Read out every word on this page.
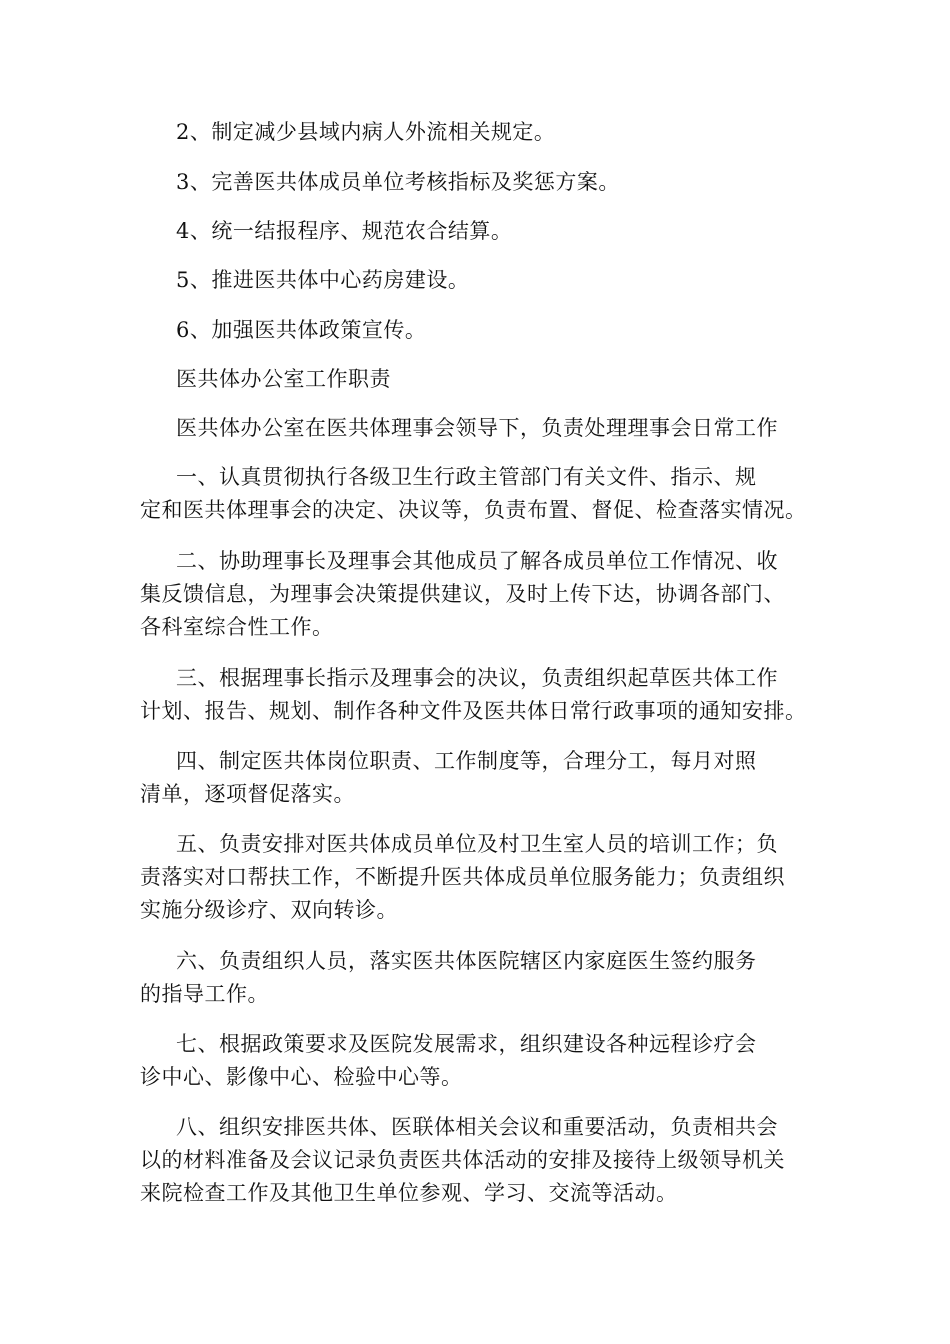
2、制定减少县域内病人外流相关规定。
3、完善医共体成员单位考核指标及奖惩方案。
4、统一结报程序、规范农合结算。
5、推进医共体中心药房建设。
6、加强医共体政策宣传。
医共体办公室工作职责
医共体办公室在医共体理事会领导下，负责处理理事会日常工作
一、认真贯彻执行各级卫生行政主管部门有关文件、指示、规
定和医共体理事会的决定、决议等，负责布置、督促、检查落实情况。
二、协助理事长及理事会其他成员了解各成员单位工作情况、收
集反馈信息，为理事会决策提供建议，及时上传下达，协调各部门、
各科室综合性工作。
三、根据理事长指示及理事会的决议，负责组织起草医共体工作
计划、报告、规划、制作各种文件及医共体日常行政事项的通知安排。
四、制定医共体岗位职责、工作制度等，合理分工，每月对照
清单，逐项督促落实。
五、负责安排对医共体成员单位及村卫生室人员的培训工作；负
责落实对口帮扶工作，不断提升医共体成员单位服务能力；负责组织
实施分级诊疗、双向转诊。
六、负责组织人员，落实医共体医院辖区内家庭医生签约服务
的指导工作。
七、根据政策要求及医院发展需求，组织建设各种远程诊疗会
诊中心、影像中心、检验中心等。
八、组织安排医共体、医联体相关会议和重要活动，负责相共会
以的材料准备及会议记录负责医共体活动的安排及接待上级领导机关
来院检查工作及其他卫生单位参观、学习、交流等活动。
